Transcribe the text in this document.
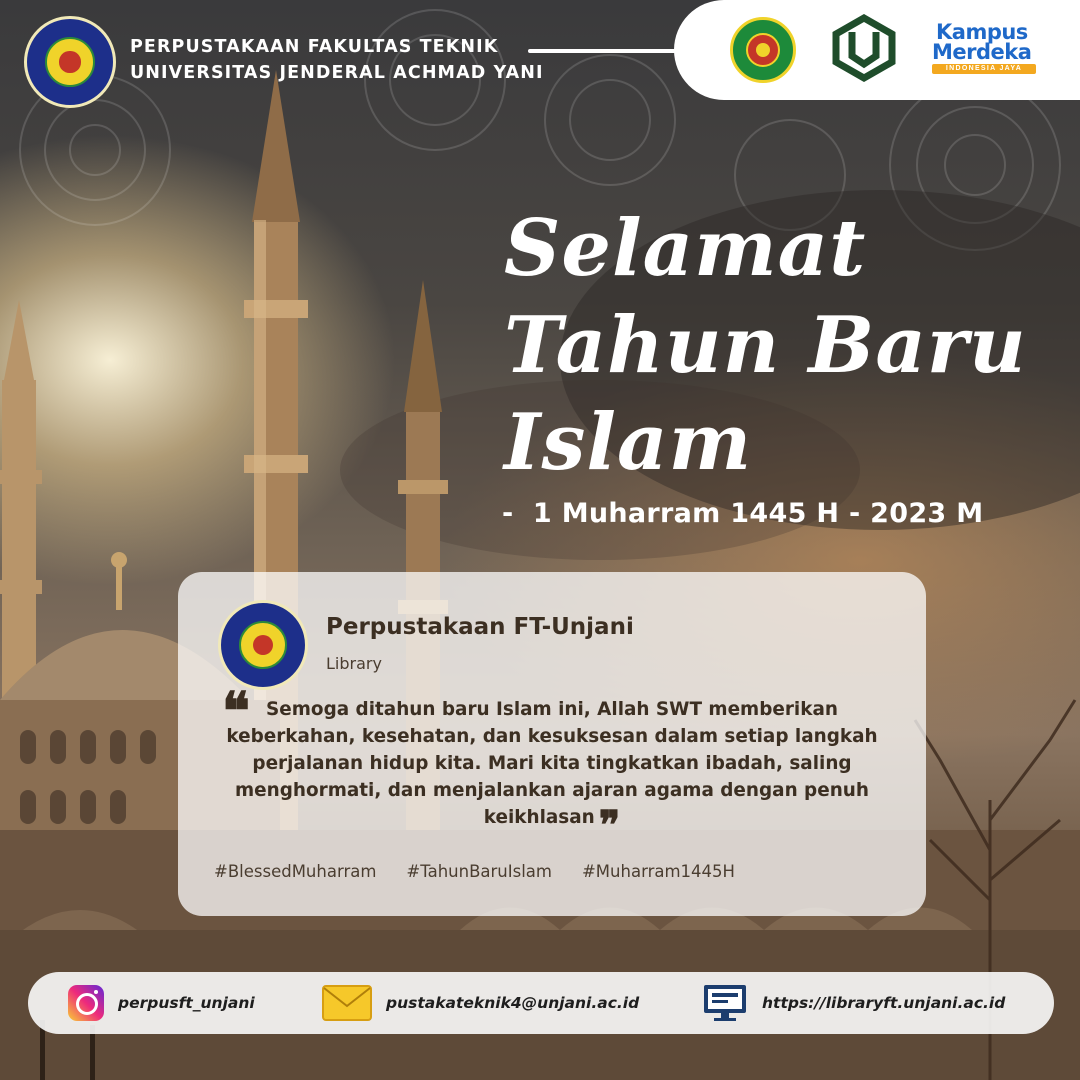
PERPUSTAKAAN FAKULTAS TEKNIK
UNIVERSITAS JENDERAL ACHMAD YANI
Kampus
Merdeka
INDONESIA JAYA
Selamat
Tahun Baru
Islam
-  1 Muharram 1445 H - 2023 M
Perpustakaan FT-Unjani
Library
❝ Semoga ditahun baru Islam ini, Allah SWT memberikan keberkahan, kesehatan, dan kesuksesan dalam setiap langkah perjalanan hidup kita. Mari kita tingkatkan ibadah, saling menghormati, dan menjalankan ajaran agama dengan penuh keikhlasan ❞
#BlessedMuharram #TahunBaruIslam #Muharram1445H
perpusft_unjani	pustakateknik4@unjani.ac.id	https://libraryft.unjani.ac.id
